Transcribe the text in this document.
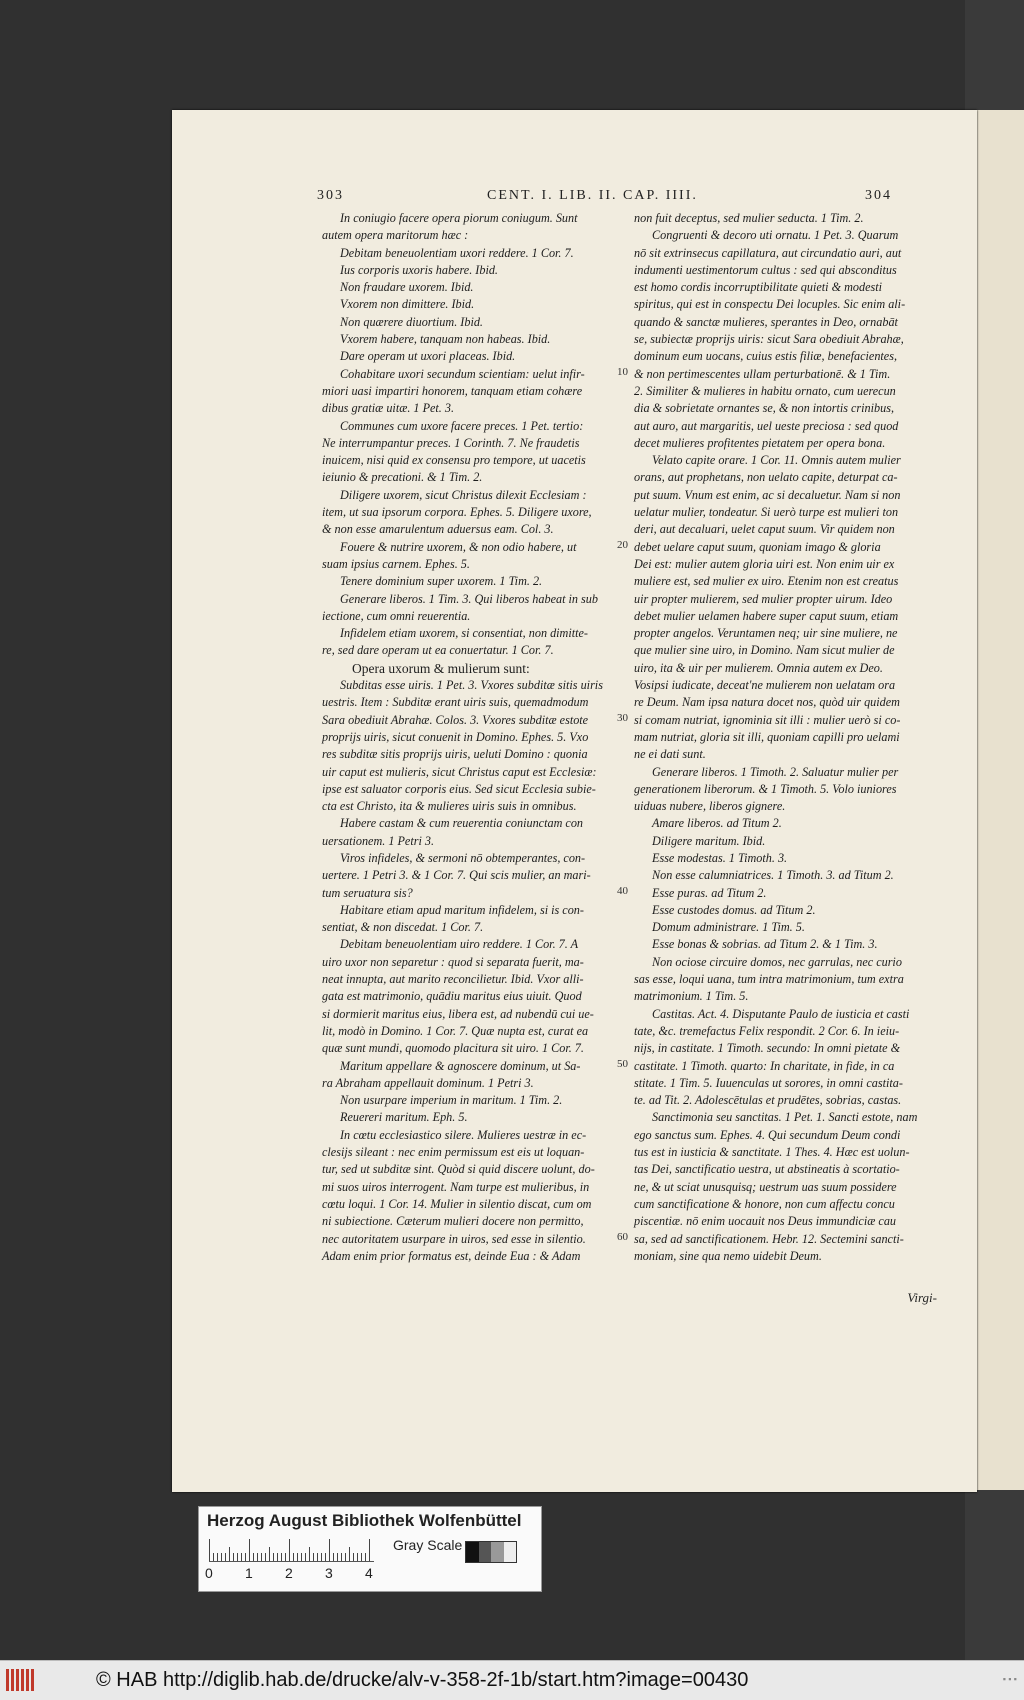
303	CENT. I. LIB. II. CAP. IIII.	304

In coniugio facere opera piorum coniugum. Sunt

autem opera maritorum hæc :

Debitam beneuolentiam uxori reddere. 1 Cor. 7.

Ius corporis uxoris habere. Ibid.

Non fraudare uxorem. Ibid.

Vxorem non dimittere. Ibid.

Non quærere diuortium. Ibid.

Vxorem habere, tanquam non habeas. Ibid.

Dare operam ut uxori placeas. Ibid.

Cohabitare uxori secundum scientiam: uelut infir-

miori uasi impartiri honorem, tanquam etiam cohære

dibus gratiæ uitæ. 1 Pet. 3.

Communes cum uxore facere preces. 1 Pet. tertio:

Ne interrumpantur preces. 1 Corinth. 7. Ne fraudetis

inuicem, nisi quid ex consensu pro tempore, ut uacetis

ieiunio & precationi. & 1 Tim. 2.

Diligere uxorem, sicut Christus dilexit Ecclesiam :

item, ut sua ipsorum corpora. Ephes. 5. Diligere uxore,

& non esse amarulentum aduersus eam. Col. 3.

Fouere & nutrire uxorem, & non odio habere, ut

suam ipsius carnem. Ephes. 5.

Tenere dominium super uxorem. 1 Tim. 2.

Generare liberos. 1 Tim. 3. Qui liberos habeat in sub

iectione, cum omni reuerentia.

Infidelem etiam uxorem, si consentiat, non dimitte-

re, sed dare operam ut ea conuertatur. 1 Cor. 7.

Opera uxorum & mulierum sunt:

Subditas esse uiris. 1 Pet. 3. Vxores subditæ sitis uiris

uestris. Item : Subditæ erant uiris suis, quemadmodum

Sara obediuit Abrahæ. Colos. 3. Vxores subditæ estote

proprijs uiris, sicut conuenit in Domino. Ephes. 5. Vxo

res subditæ sitis proprijs uiris, ueluti Domino : quonia

uir caput est mulieris, sicut Christus caput est Ecclesiæ:

ipse est saluator corporis eius. Sed sicut Ecclesia subie-

cta est Christo, ita & mulieres uiris suis in omnibus.

Habere castam & cum reuerentia coniunctam con

uersationem. 1 Petri 3.

Viros infideles, & sermoni nō obtemperantes, con-

uertere. 1 Petri 3. & 1 Cor. 7. Qui scis mulier, an mari-

tum seruatura sis?

Habitare etiam apud maritum infidelem, si is con-

sentiat, & non discedat. 1 Cor. 7.

Debitam beneuolentiam uiro reddere. 1 Cor. 7. A

uiro uxor non separetur : quod si separata fuerit, ma-

neat innupta, aut marito reconcilietur. Ibid. Vxor alli-

gata est matrimonio, quādiu maritus eius uiuit. Quod

si dormierit maritus eius, libera est, ad nubendū cui ue-

lit, modò in Domino. 1 Cor. 7. Quæ nupta est, curat ea

quæ sunt mundi, quomodo placitura sit uiro. 1 Cor. 7.

Maritum appellare & agnoscere dominum, ut Sa-

ra Abraham appellauit dominum. 1 Petri 3.

Non usurpare imperium in maritum. 1 Tim. 2.

Reuereri maritum. Eph. 5.

In cœtu ecclesiastico silere. Mulieres uestræ in ec-

clesijs sileant : nec enim permissum est eis ut loquan-

tur, sed ut subditæ sint. Quòd si quid discere uolunt, do-

mi suos uiros interrogent. Nam turpe est mulieribus, in

cœtu loqui. 1 Cor. 14. Mulier in silentio discat, cum om

ni subiectione. Cæterum mulieri docere non permitto,

nec autoritatem usurpare in uiros, sed esse in silentio.

Adam enim prior formatus est, deinde Eua : & Adam

10
20
30
40
50
60

non fuit deceptus, sed mulier seducta. 1 Tim. 2.

Congruenti & decoro uti ornatu. 1 Pet. 3. Quarum

nō sit extrinsecus capillatura, aut circundatio auri, aut

indumenti uestimentorum cultus : sed qui absconditus

est homo cordis incorruptibilitate quieti & modesti

spiritus, qui est in conspectu Dei locuples. Sic enim ali-

quando & sanctæ mulieres, sperantes in Deo, ornabāt

se, subiectæ proprijs uiris: sicut Sara obediuit Abrahæ,

dominum eum uocans, cuius estis filiæ, benefacientes,

& non pertimescentes ullam perturbationē. & 1 Tim.

2. Similiter & mulieres in habitu ornato, cum uerecun

dia & sobrietate ornantes se, & non intortis crinibus,

aut auro, aut margaritis, uel ueste preciosa : sed quod

decet mulieres profitentes pietatem per opera bona.

Velato capite orare. 1 Cor. 11. Omnis autem mulier

orans, aut prophetans, non uelato capite, deturpat ca-

put suum. Vnum est enim, ac si decaluetur. Nam si non

uelatur mulier, tondeatur. Si uerò turpe est mulieri ton

deri, aut decaluari, uelet caput suum. Vir quidem non

debet uelare caput suum, quoniam imago & gloria

Dei est: mulier autem gloria uiri est. Non enim uir ex

muliere est, sed mulier ex uiro. Etenim non est creatus

uir propter mulierem, sed mulier propter uirum. Ideo

debet mulier uelamen habere super caput suum, etiam

propter angelos. Veruntamen neq; uir sine muliere, ne

que mulier sine uiro, in Domino. Nam sicut mulier de

uiro, ita & uir per mulierem. Omnia autem ex Deo.

Vosipsi iudicate, deceat'ne mulierem non uelatam ora

re Deum. Nam ipsa natura docet nos, quòd uir quidem

si comam nutriat, ignominia sit illi : mulier uerò si co-

mam nutriat, gloria sit illi, quoniam capilli pro uelami

ne ei dati sunt.

Generare liberos. 1 Timoth. 2. Saluatur mulier per

generationem liberorum. & 1 Timoth. 5. Volo iuniores

uiduas nubere, liberos gignere.

Amare liberos. ad Titum 2.

Diligere maritum. Ibid.

Esse modestas. 1 Timoth. 3.

Non esse calumniatrices. 1 Timoth. 3. ad Titum 2.

Esse puras. ad Titum 2.

Esse custodes domus. ad Titum 2.

Domum administrare. 1 Tim. 5.

Esse bonas & sobrias. ad Titum 2. & 1 Tim. 3.

Non ociose circuire domos, nec garrulas, nec curio

sas esse, loqui uana, tum intra matrimonium, tum extra

matrimonium. 1 Tim. 5.

Castitas. Act. 4. Disputante Paulo de iusticia et casti

tate, &c. tremefactus Felix respondit. 2 Cor. 6. In ieiu-

nijs, in castitate. 1 Timoth. secundo: In omni pietate &

castitate. 1 Timoth. quarto: In charitate, in fide, in ca

stitate. 1 Tim. 5. Iuuenculas ut sorores, in omni castita-

te. ad Tit. 2. Adolescētulas et prudētes, sobrias, castas.

Sanctimonia seu sanctitas. 1 Pet. 1. Sancti estote, nam

ego sanctus sum. Ephes. 4. Qui secundum Deum condi

tus est in iusticia & sanctitate. 1 Thes. 4. Hæc est uolun-

tas Dei, sanctificatio uestra, ut abstineatis à scortatio-

ne, & ut sciat unusquisq; uestrum uas suum possidere

cum sanctificatione & honore, non cum affectu concu

piscentiæ. nō enim uocauit nos Deus immundiciæ cau

sa, sed ad sanctificationem. Hebr. 12. Sectemini sancti-

moniam, sine qua nemo uidebit Deum.

Virgi-
Herzog August Bibliothek Wolfenbüttel
0 1 2 3 4
Gray Scale
© HAB http://diglib.hab.de/drucke/alv-v-358-2f-1b/start.htm?image=00430	▪▪▪
